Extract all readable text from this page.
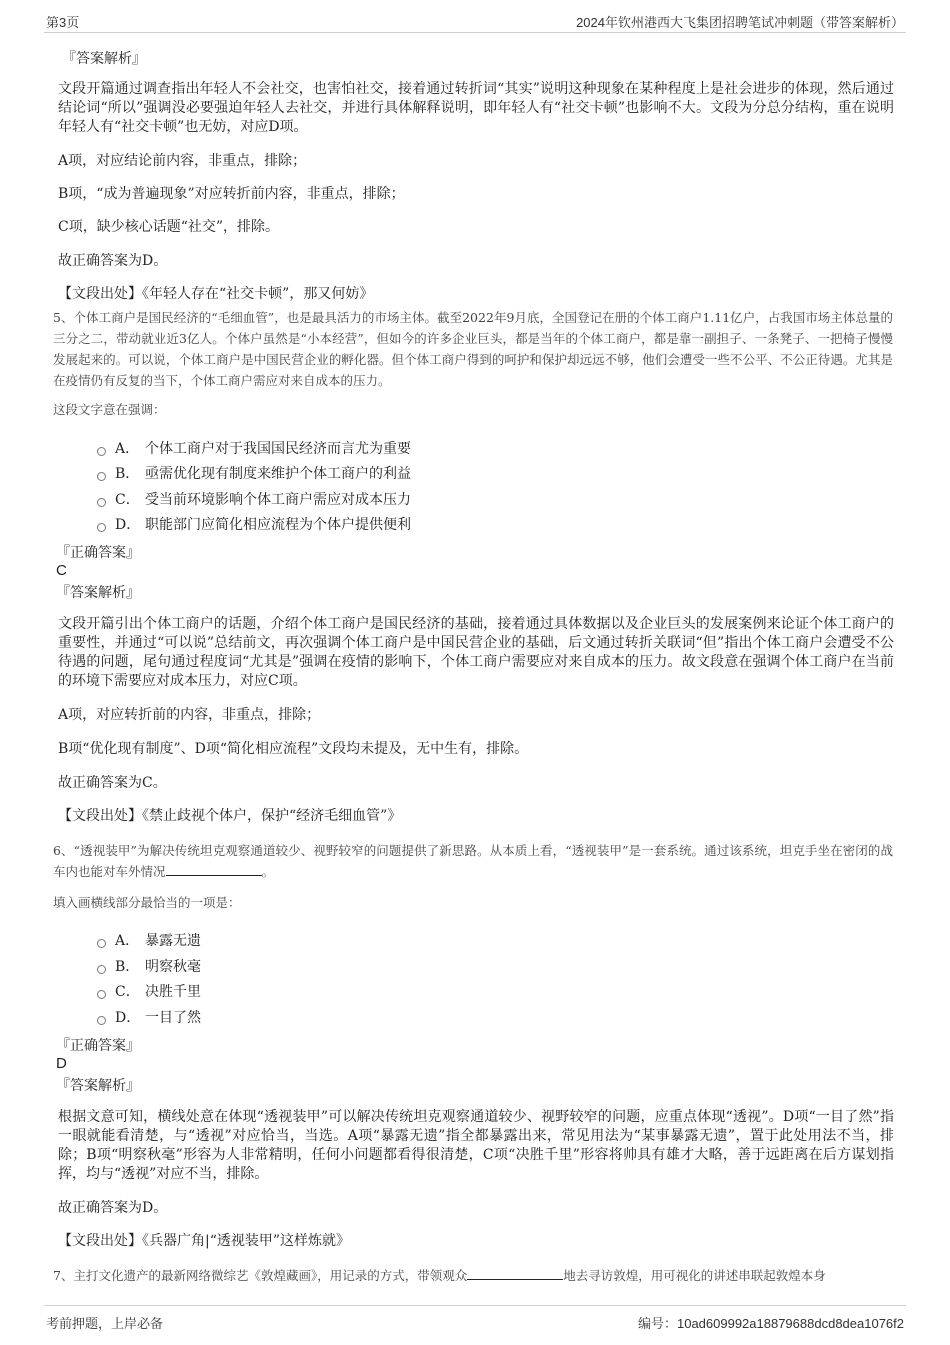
第3页	2024年钦州港西大飞集团招聘笔试冲刺题（带答案解析）
『答案解析』
文段开篇通过调查指出年轻人不会社交，也害怕社交，接着通过转折词“其实”说明这种现象在某种程度上是社会进步的体现，然后通过结论词“所以”强调没必要强迫年轻人去社交，并进行具体解释说明，即年轻人有“社交卡顿”也影响不大。文段为分总分结构，重在说明年轻人有“社交卡顿”也无妨，对应D项。
A项，对应结论前内容，非重点，排除；
B项，“成为普遍现象”对应转折前内容，非重点，排除；
C项，缺少核心话题“社交”，排除。
故正确答案为D。
【文段出处】《年轻人存在“社交卡顿”，那又何妨》
5、个体工商户是国民经济的“毛细血管”，也是最具活力的市场主体。截至2022年9月底，全国登记在册的个体工商户1.11亿户，占我国市场主体总量的三分之二，带动就业近3亿人。个体户虽然是“小本经营”，但如今的许多企业巨头，都是当年的个体工商户，都是靠一副担子、一条凳子、一把椅子慢慢发展起来的。可以说，个体工商户是中国民营企业的孵化器。但个体工商户得到的呵护和保护却远远不够，他们会遭受一些不公平、不公正待遇。尤其是在疫情仍有反复的当下，个体工商户需应对来自成本的压力。
这段文字意在强调：
A． 个体工商户对于我国国民经济而言尤为重要
B． 亟需优化现有制度来维护个体工商户的利益
C． 受当前环境影响个体工商户需应对成本压力
D． 职能部门应简化相应流程为个体户提供便利
『正确答案』
C
『答案解析』
文段开篇引出个体工商户的话题，介绍个体工商户是国民经济的基础，接着通过具体数据以及企业巨头的发展案例来论证个体工商户的重要性，并通过“可以说”总结前文，再次强调个体工商户是中国民营企业的基础，后文通过转折关联词“但”指出个体工商户会遭受不公待遇的问题，尾句通过程度词“尤其是”强调在疫情的影响下，个体工商户需要应对来自成本的压力。故文段意在强调个体工商户在当前的环境下需要应对成本压力，对应C项。
A项，对应转折前的内容，非重点，排除；
B项“优化现有制度”、D项“简化相应流程”文段均未提及，无中生有，排除。
故正确答案为C。
【文段出处】《禁止歧视个体户，保护“经济毛细血管”》
6、“透视装甲”为解决传统坦克观察通道较少、视野较窄的问题提供了新思路。从本质上看，“透视装甲”是一套系统。通过该系统，坦克手坐在密闭的战车内也能对车外情况	。
填入画横线部分最恰当的一项是：
A． 暴露无遗
B． 明察秋毫
C． 决胜千里
D． 一目了然
『正确答案』
D
『答案解析』
根据文意可知，横线处意在体现“透视装甲”可以解决传统坦克观察通道较少、视野较窄的问题，应重点体现“透视”。D项“一目了然”指一眼就能看清楚，与“透视”对应恰当，当选。A项“暴露无遗”指全都暴露出来，常见用法为“某事暴露无遗”，置于此处用法不当，排除；B项“明察秋毫”形容为人非常精明，任何小问题都看得很清楚，C项“决胜千里”形容将帅具有雄才大略，善于远距离在后方谋划指挥，均与“透视”对应不当，排除。
故正确答案为D。
【文段出处】《兵器广角|“透视装甲”这样炼就》
7、主打文化遗产的最新网络微综艺《敦煌藏画》，用记录的方式，带领观众	地去寻访敦煌，用可视化的讲述串联起敦煌本身
考前押题，上岸必备	编号：10ad609992a18879688dcd8dea1076f2
